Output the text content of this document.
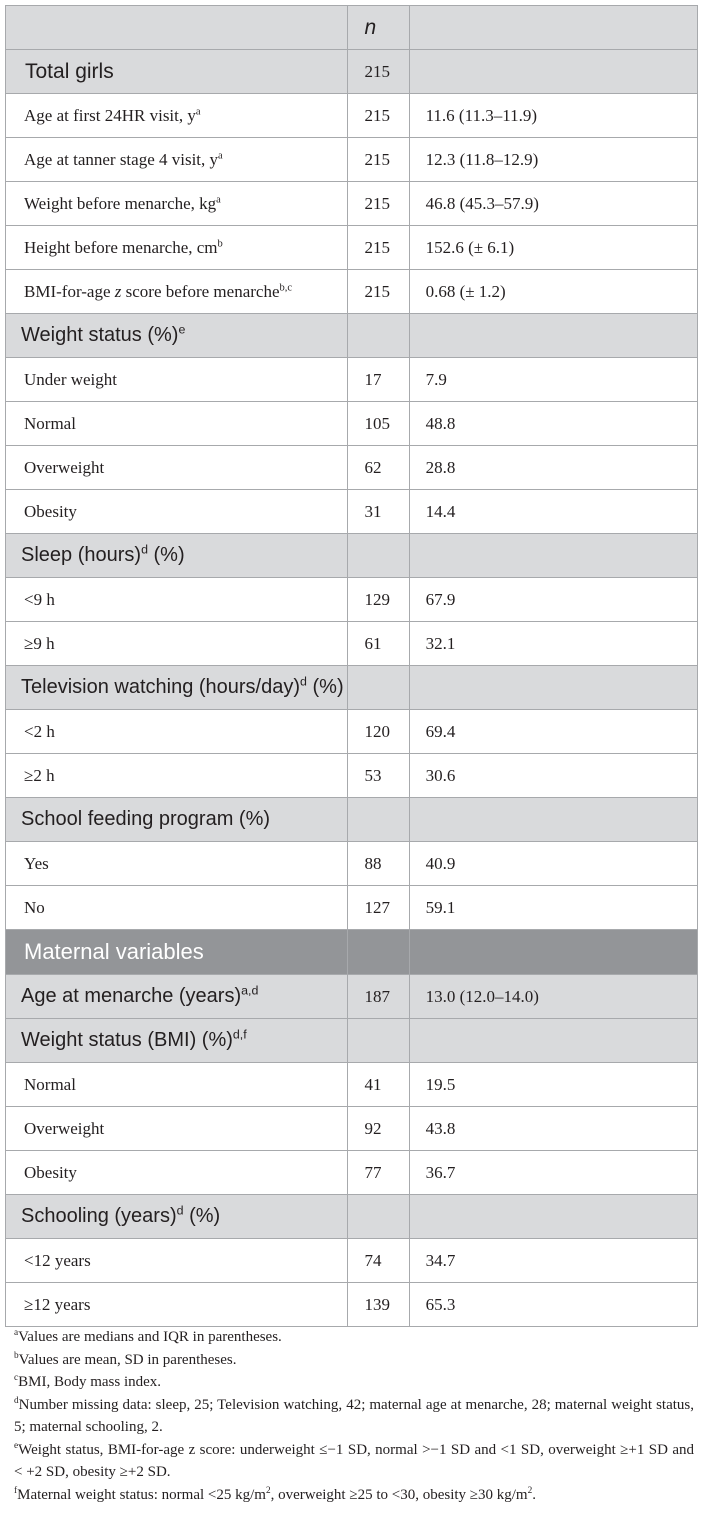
	n	
Total girls	215	
Age at first 24HR visit, $y^a$	215	11.6 (11.3–11.9)
Age at tanner stage 4 visit, $y^a$	215	12.3 (11.8–12.9)
Weight before menarche, $kg^a$	215	46.8 (45.3–57.9)
Height before menarche, $cm^b$	215	152.6 (± 6.1)
BMI-for-age z score before menarche$^{b,c}$	215	0.68 (± 1.2)
Weight status (%)$^e$		
Under weight	17	7.9
Normal	105	48.8
Overweight	62	28.8
Obesity	31	14.4
Sleep (hours)$^d$ (%)		
<9 h	129	67.9
≥9 h	61	32.1
Television watching (hours/day)$^d$ (%)		
<2 h	120	69.4
≥2 h	53	30.6
School feeding program (%)		
Yes	88	40.9
No	127	59.1
Maternal variables		
Age at menarche (years)$^{a,d}$	187	13.0 (12.0–14.0)
Weight status (BMI) (%)$^{d,f}$		
Normal	41	19.5
Overweight	92	43.8
Obesity	77	36.7
Schooling (years)$^d$ (%)		
<12 years	74	34.7
≥12 years	139	65.3

$^a$Values are medians and IQR in parentheses.

$^b$Values are mean, SD in parentheses.

$^c$BMI, Body mass index.

$^d$Number missing data: sleep, 25; Television watching, 42; maternal age at menarche, 28; maternal weight status, 5; maternal schooling, 2.

$^e$Weight status, BMI-for-age z score: underweight ≤−1 SD, normal >−1 SD and <1 SD, overweight ≥+1 SD and < +2 SD, obesity ≥+2 SD.

$^f$Maternal weight status: normal <25 $kg/m^2$, overweight ≥25 to <30, obesity ≥30 $kg/m^2$.
